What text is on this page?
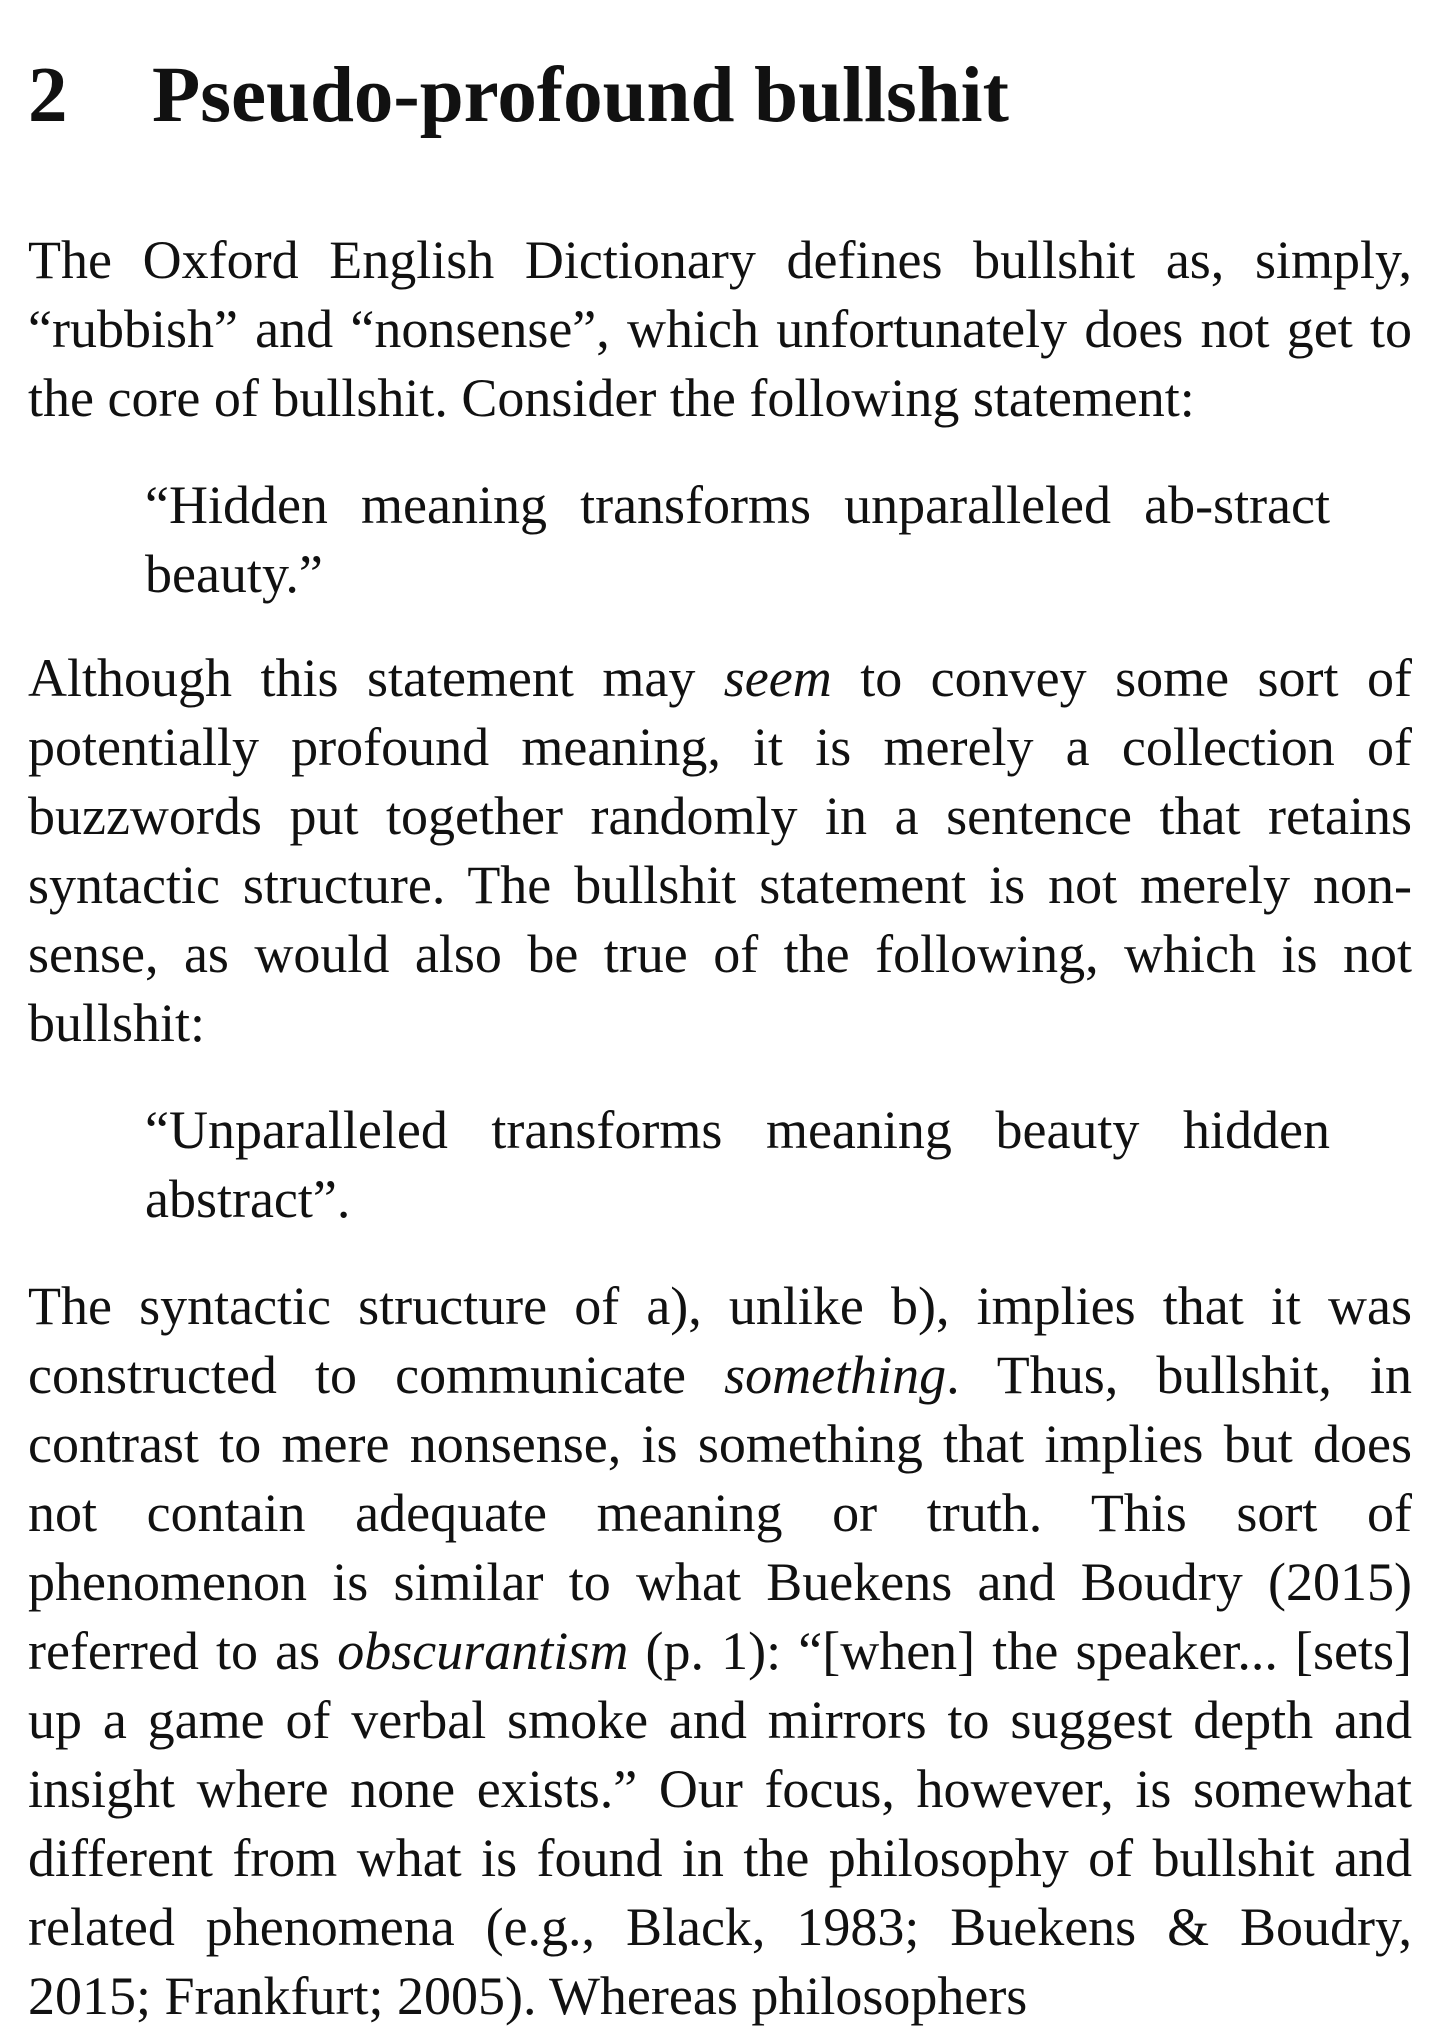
2 Pseudo-profound bullshit

The Oxford English Dictionary defines bullshit as, simply, “rubbish” and “nonsense”, which unfortunately does not get to the core of bullshit. Consider the following statement:

“Hidden meaning transforms unparalleled ab-stract beauty.”

Although this statement may seem to convey some sort of potentially profound meaning, it is merely a collection of buzzwords put together randomly in a sentence that retains syntactic structure. The bullshit statement is not merely non-sense, as would also be true of the following, which is not bullshit:

“Unparalleled transforms meaning beauty hidden abstract”.

The syntactic structure of a), unlike b), implies that it was constructed to communicate something. Thus, bullshit, in contrast to mere nonsense, is something that implies but does not contain adequate meaning or truth. This sort of phenomenon is similar to what Buekens and Boudry (2015) referred to as obscurantism (p. 1): “[when] the speaker... [sets] up a game of verbal smoke and mirrors to suggest depth and insight where none exists.” Our focus, however, is somewhat different from what is found in the philosophy of bullshit and related phenomena (e.g., Black, 1983; Buekens & Boudry, 2015; Frankfurt; 2005). Whereas philosophers
